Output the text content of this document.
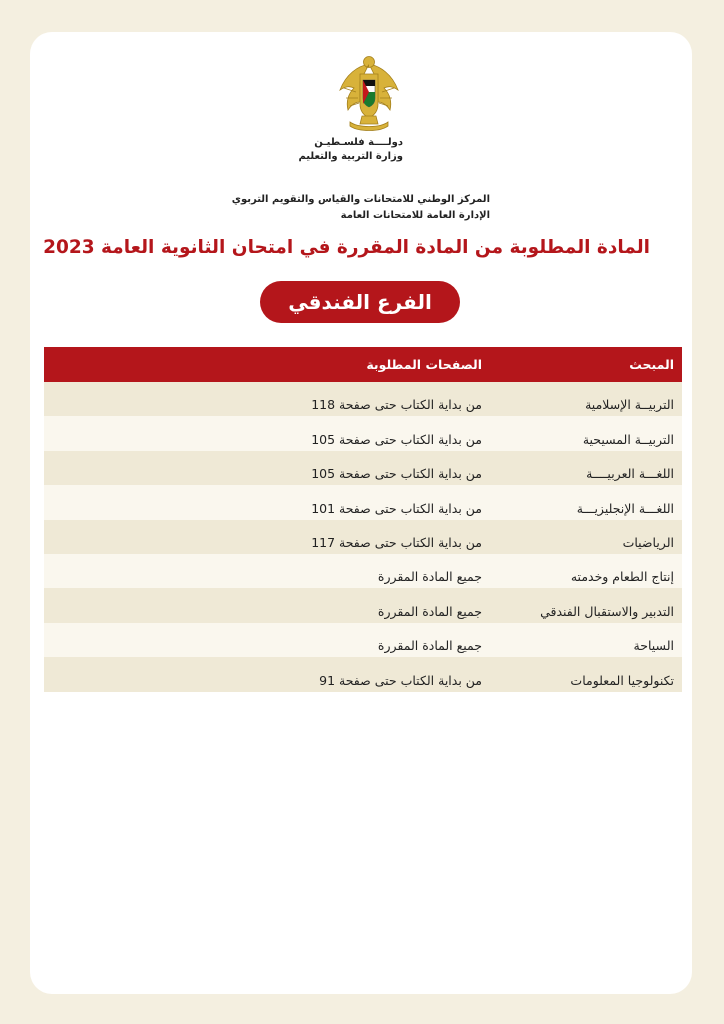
دولــــة فلسـطيـن
وزارة التربية والتعليم
المركز الوطني للامتحانات والقياس والتقويم التربوي
الإدارة العامة للامتحانات العامة
المادة المطلوبة من المادة المقررة في امتحان الثانوية العامة 2023
الفرع الفندقي
المبحث
الصفحات المطلوبة
التربيــة الإسلامية
من بداية الكتاب حتى صفحة 118
التربيــة المسيحية
من بداية الكتاب حتى صفحة 105
اللغـــة العربيــــة
من بداية الكتاب حتى صفحة 105
اللغـــة الإنجليزيـــة
من بداية الكتاب حتى صفحة 101
الرياضيات
من بداية الكتاب حتى صفحة 117
إنتاج الطعام وخدمته
جميع المادة المقررة
التدبير والاستقبال الفندقي
جميع المادة المقررة
السياحة
جميع المادة المقررة
تكنولوجيا المعلومات
من بداية الكتاب حتى صفحة 91
